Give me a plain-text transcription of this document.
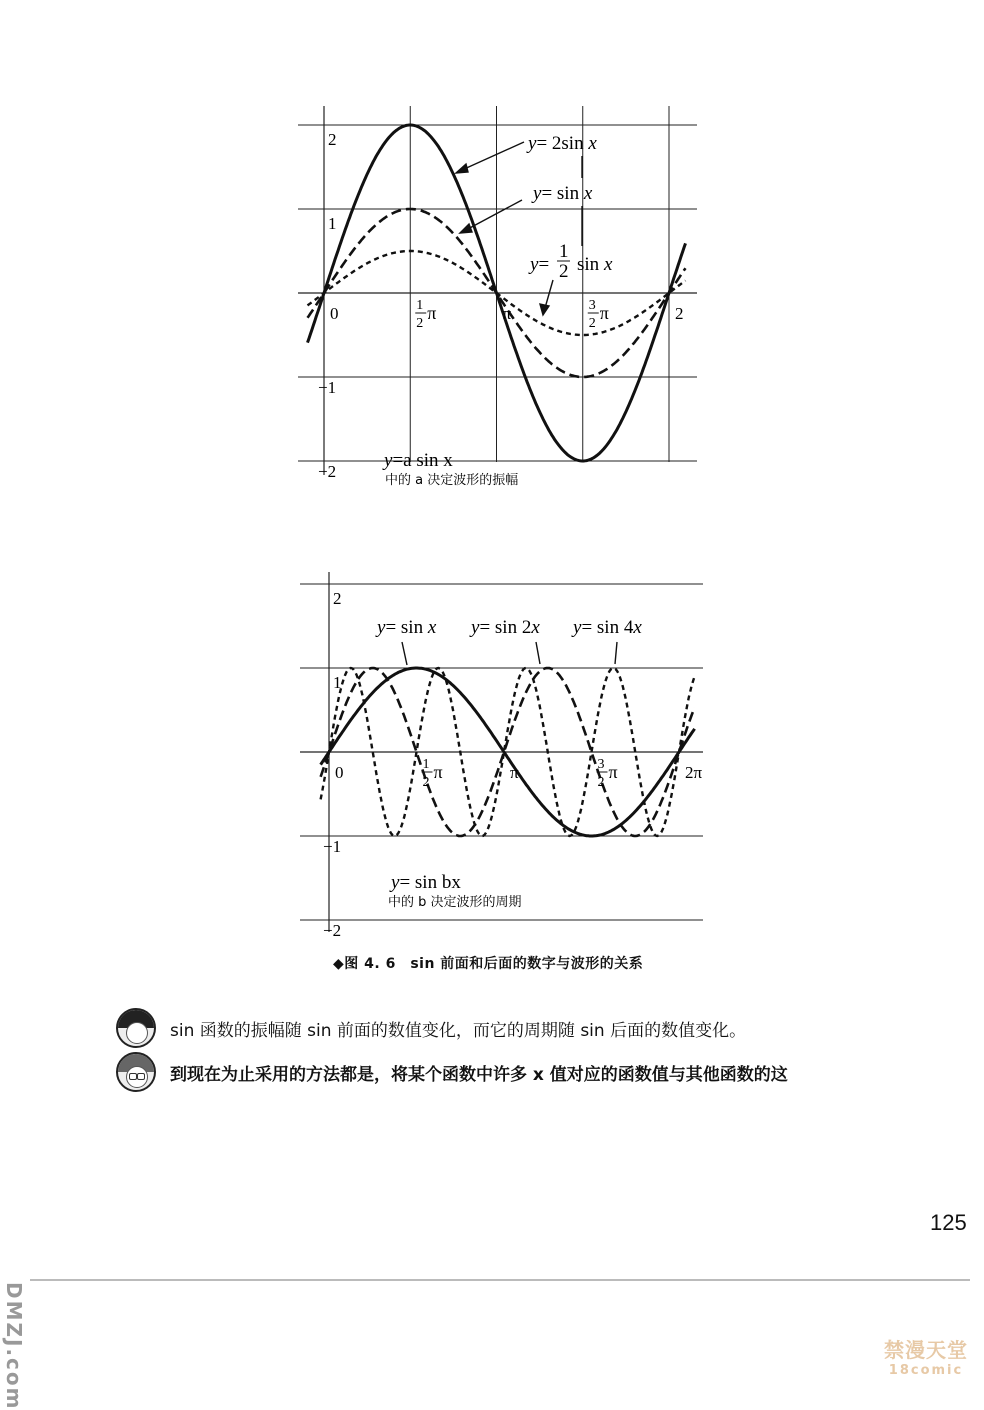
2
1
−1
−2
0	1
2
π	π	3
2
π	2
y= 2sin x
y= sin x
y=
1
2 sin x
y=a sin x
中的 a 决定波形的振幅
2
1
−1
−2
0	1
2
π	π	3
2
π	2π
y= sin x y= sin 2x y= sin 4x
y= sin bx
中的 b 决定波形的周期
◆图 4. 6　sin 前面和后面的数字与波形的关系
sin 函数的振幅随 sin 前面的数值变化，而它的周期随 sin 后面的数值变化。
到现在为止采用的方法都是，将某个函数中许多 x 值对应的函数值与其他函数的这
125
DMZJ.com	禁漫天堂
18comic
